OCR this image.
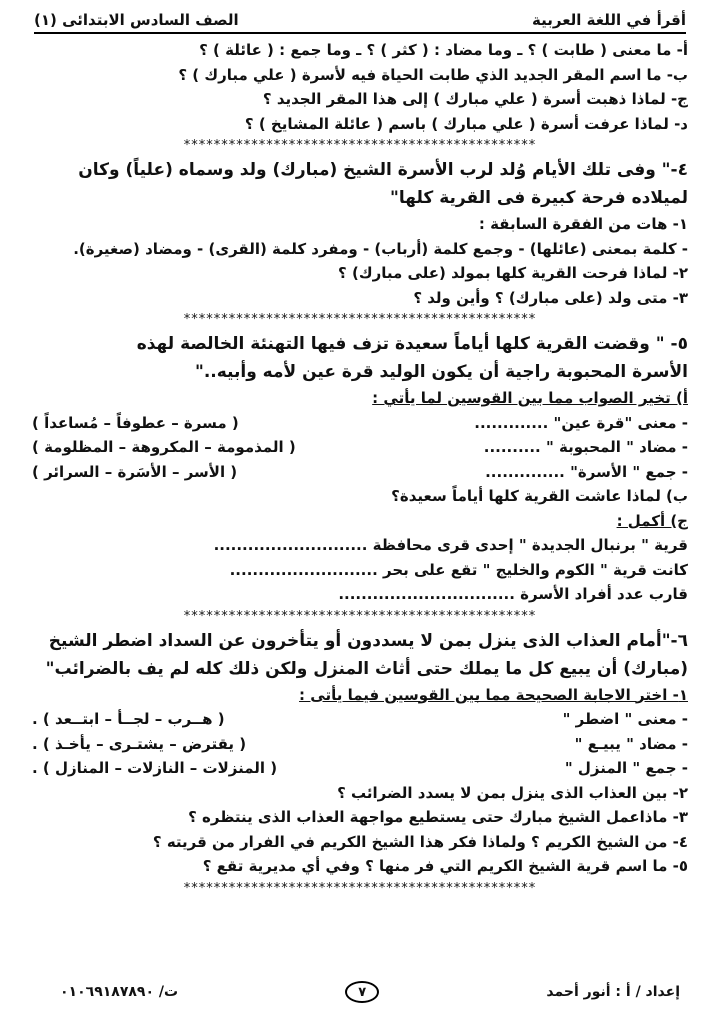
أقرأ في اللغة العربية
الصف السادس الابتدائى (١)
أ- ما معنى ( طابت ) ؟ ـ وما مضاد : ( كثر ) ؟ ـ وما جمع : ( عائلة ) ؟
ب- ما اسم المقر الجديد الذي طابت الحياة فيه لأسرة ( علي مبارك ) ؟
ج- لماذا ذهبت أسرة ( علي مبارك ) إلى هذا المقر الجديد ؟
د- لماذا عرفت أسرة ( علي مبارك ) باسم ( عائلة المشايخ ) ؟
***********************************************
٤-" وفى تلك الأيام وُلد لرب الأسرة الشيخ (مبارك) ولد وسماه (علياً) وكان
لميلاده فرحة كبيرة فى القرية كلها"
١- هات من الفقرة السابقة :
- كلمة بمعنى (عائلها) - وجمع كلمة (أرباب) - ومفرد كلمة (القرى) - ومضاد (صغيرة).
٢- لماذا فرحت القرية كلها بمولد (على مبارك) ؟
٣- متى ولد (على مبارك) ؟ وأين ولد ؟
***********************************************
٥- " وقضت القرية كلها أياماً سعيدة تزف فيها التهنئة الخالصة لهذه
الأسرة المحبوبة راجية أن يكون الوليد قرة عين لأمه وأبيه.."
أ) تخير الصواب مما بين القوسين لما يأتي :
- معنى "قرة عين" .............
( مسرة – عطوفاً – مُساعداً )
- مضاد " المحبوبة " ..........
( المذمومة – المكروهة – المظلومة )
- جمع " الأسرة" ..............
( الأسر – الأسَرة – السرائر )
ب) لماذا عاشت القرية كلها أياماً سعيدة؟
ج) أكمل :
قرية " برنبال الجديدة " إحدى قرى محافظة ...........................
كانت قرية " الكوم والخليج " تقع على بحر ..........................
قارب عدد أفراد الأسرة ...............................
***********************************************
٦-"أمام العذاب الذى ينزل بمن لا يسددون أو يتأخرون عن السداد اضطر الشيخ
(مبارك) أن يبيع كل ما يملك حتى أثاث المنزل ولكن ذلك كله لم يف بالضرائب"
١- اختر الاجابة الصحيحة مما بين القوسين فيما يأتى :
- معنى " اضطر "
( هــرب – لجــأ – ابتــعد ) .
- مضاد " يبيـع "
( يقترض – يشتـرى – يأخـذ ) .
- جمع " المنزل "
( المنزلات – النازلات – المنازل ) .
٢- بين العذاب الذى ينزل بمن لا يسدد الضرائب ؟
٣- ماذاعمل الشيخ مبارك حتى يستطيع مواجهة العذاب الذى ينتظره ؟
٤- من الشيخ الكريم ؟ ولماذا فكر هذا الشيخ الكريم في الفرار من قريته ؟
٥- ما اسم قرية الشيخ الكريم التي فر منها ؟ وفي أي مديرية تقع ؟
***********************************************
إعداد / أ : أنور أحمد
٧
ت/ ٠١٠٦٩١٨٧٨٩٠
